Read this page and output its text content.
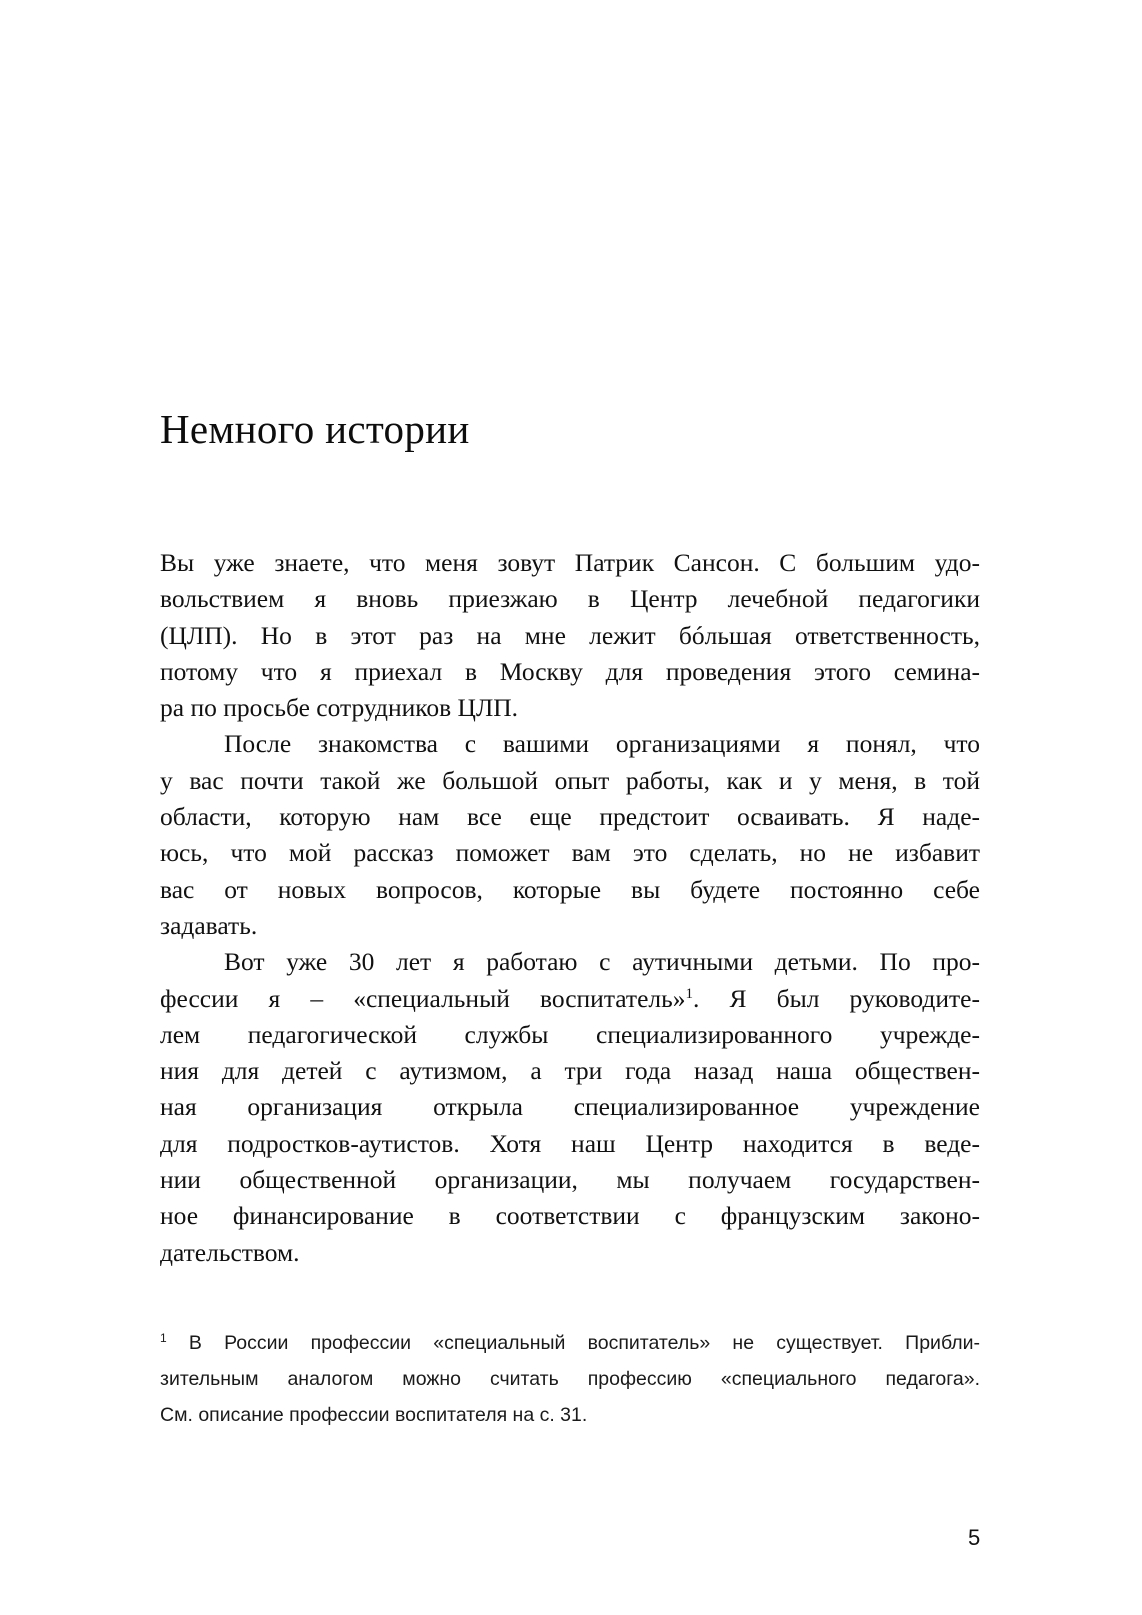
Немного истории
Вы уже знаете, что меня зовут Патрик Сансон. С большим удо-
вольствием я вновь приезжаю в Центр лечебной педагогики
(ЦЛП). Но в этот раз на мне лежит бóльшая ответственность,
потому что я приехал в Москву для проведения этого семина-
ра по просьбе сотрудников ЦЛП.
После знакомства с вашими организациями я понял, что
у вас почти такой же большой опыт работы, как и у меня, в той
области, которую нам все еще предстоит осваивать. Я наде-
юсь, что мой рассказ поможет вам это сделать, но не избавит
вас от новых вопросов, которые вы будете постоянно себе
задавать.
Вот уже 30 лет я работаю с аутичными детьми. По про-
фессии я – «специальный воспитатель»$^1$. Я был руководите-
лем педагогической службы специализированного учрежде-
ния для детей с аутизмом, а три года назад наша обществен-
ная организация открыла специализированное учреждение
для подростков-аутистов. Хотя наш Центр находится в веде-
нии общественной организации, мы получаем государствен-
ное финансирование в соответствии с французским законо-
дательством.
$^1$ В России профессии «специальный воспитатель» не существует. Прибли-
зительным аналогом можно считать профессию «специального педагога».
См. описание профессии воспитателя на с. 31.
5
